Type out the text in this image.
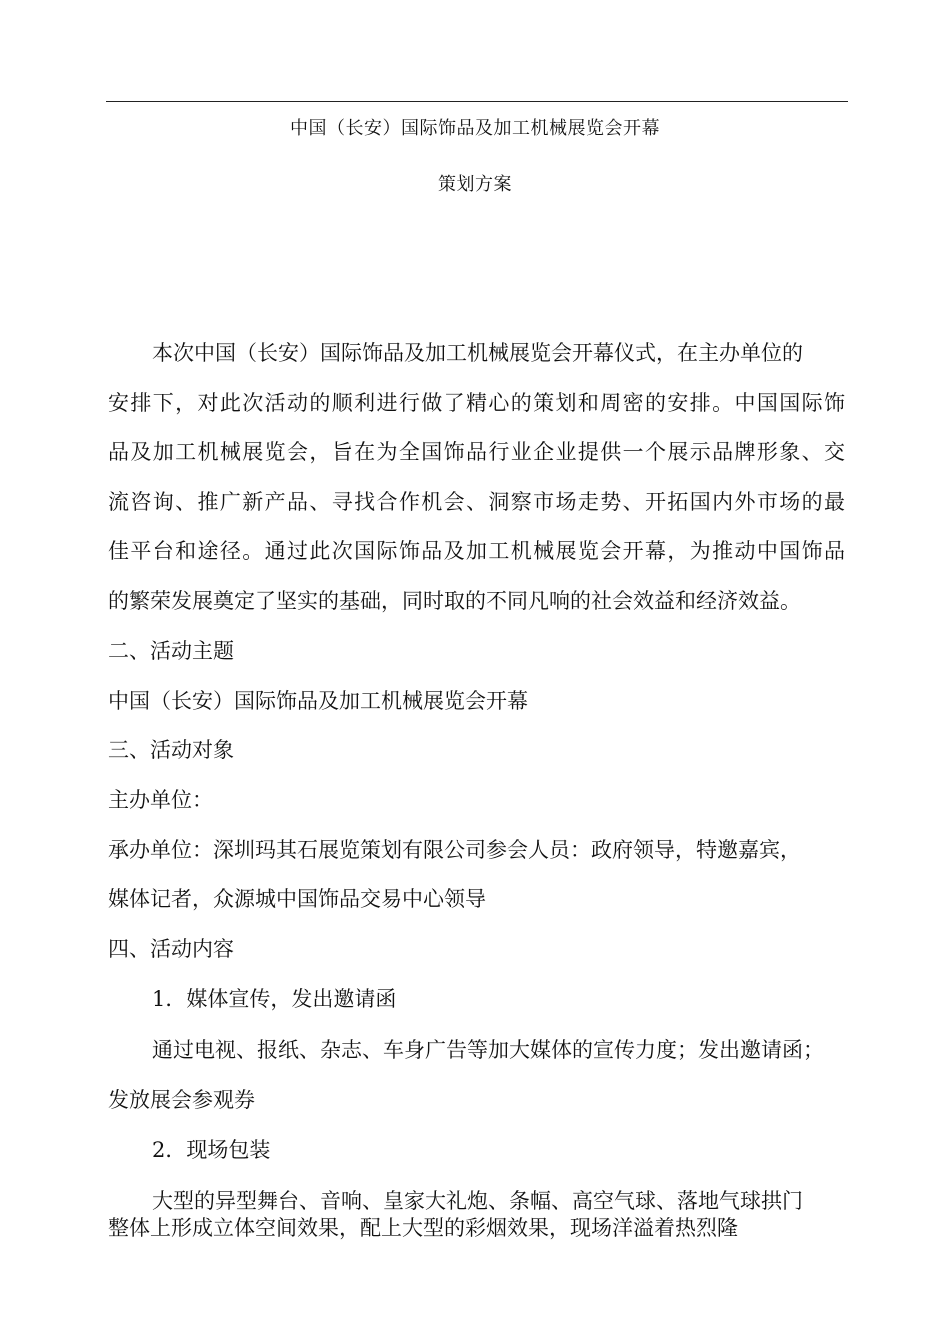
中国（长安）国际饰品及加工机械展览会开幕
策划方案
本次中国（长安）国际饰品及加工机械展览会开幕仪式，在主办单位的
安排下，对此次活动的顺利进行做了精心的策划和周密的安排。中国国际饰
品及加工机械展览会，旨在为全国饰品行业企业提供一个展示品牌形象、交
流咨询、推广新产品、寻找合作机会、洞察市场走势、开拓国内外市场的最
佳平台和途径。通过此次国际饰品及加工机械展览会开幕，为推动中国饰品
的繁荣发展奠定了坚实的基础，同时取的不同凡响的社会效益和经济效益。
二、活动主题
中国（长安）国际饰品及加工机械展览会开幕
三、活动对象
主办单位：
承办单位：深圳玛其石展览策划有限公司参会人员：政府领导，特邀嘉宾，
媒体记者，众源城中国饰品交易中心领导
四、活动内容
1．媒体宣传，发出邀请函
通过电视、报纸、杂志、车身广告等加大媒体的宣传力度；发出邀请函；
发放展会参观券
2．现场包装
大型的异型舞台、音响、皇家大礼炮、条幅、高空气球、落地气球拱门
整体上形成立体空间效果，配上大型的彩烟效果，现场洋溢着热烈隆
